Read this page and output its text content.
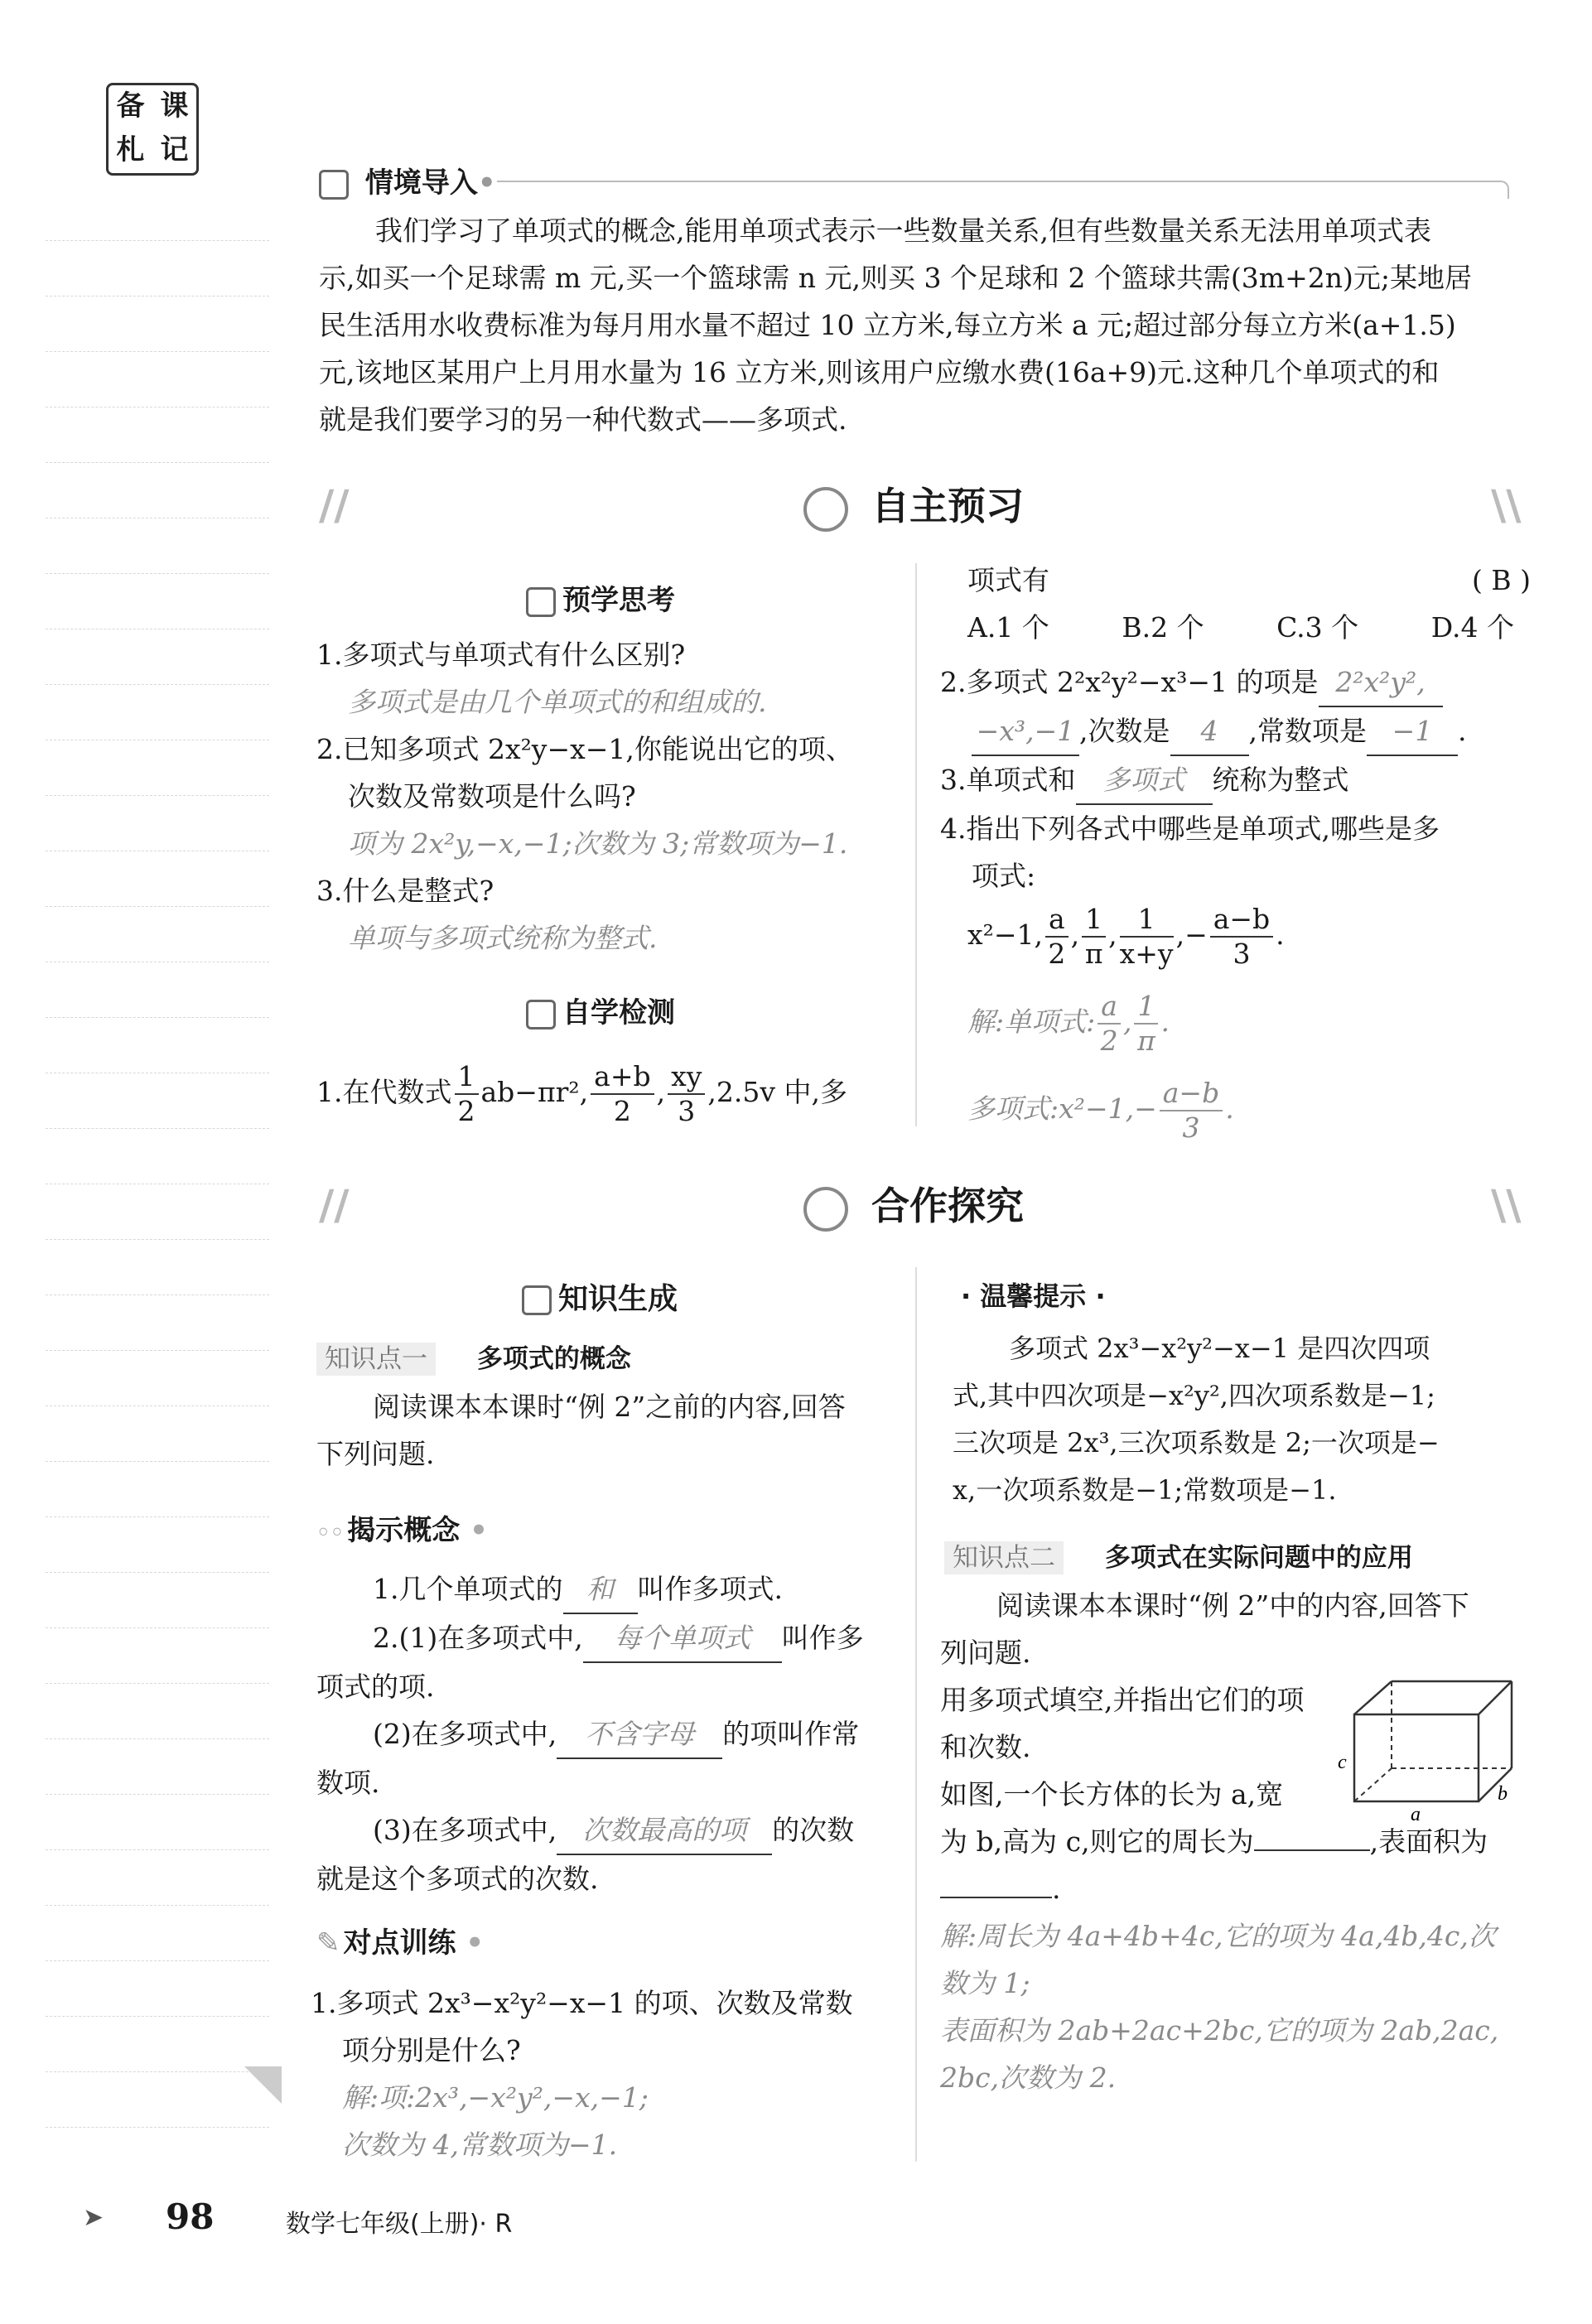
备 课
札 记
情境导入•
我们学习了单项式的概念,能用单项式表示一些数量关系,但有些数量关系无法用单项式表
示,如买一个足球需 m 元,买一个篮球需 n 元,则买 3 个足球和 2 个篮球共需(3m+2n)元;某地居
民生活用水收费标准为每月用水量不超过 10 立方米,每立方米 a 元;超过部分每立方米(a+1.5)
元,该地区某用户上月用水量为 16 立方米,则该用户应缴水费(16a+9)元.这种几个单项式的和
就是我们要学习的另一种代数式——多项式.
//	\\
自主预习
预学思考
1.多项式与单项式有什么区别?
多项式是由几个单项式的和组成的.
2.已知多项式 2x²y−x−1,你能说出它的项、
次数及常数项是什么吗?
项为 2x²y,−x,−1;次数为 3;常数项为−1.
3.什么是整式?
单项与多项式统称为整式.
自学检测
1.在代数式 $\frac{1}{2} ab-\pi r^2$, $\frac{a+b}{2}$ , $\frac{xy}{3} ,2.5v$ 中,多
项式有	( B )
A.1 个	B.2 个	C.3 个	D.4 个
2.多项式 2²x²y²−x³−1 的项是 2²x²y²,
−x³,−1 ,次数是 4 ,常数项是 −1 .
3.单项式和 多项式 统称为整式
4.指出下列各式中哪些是单项式,哪些是多
项式:
x²−1, $\frac{a}{2}$ , $\frac{1}{\pi}$ , $\frac{1}{x+y}$ ,− $\frac{a-b}{3}$ .
解:单项式: $\frac{a}{2}$ , $\frac{1}{\pi}$ .
多项式:x²−1,− $\frac{a-b}{3}$ .
//	\\
合作探究
知识生成
知识点一 多项式的概念
阅读课本本课时“例 2”之前的内容,回答
下列问题.
◦◦ 揭示概念 •
1.几个单项式的 和 叫作多项式.
2.(1)在多项式中, 每个单项式 叫作多
项式的项.
(2)在多项式中, 不含字母 的项叫作常
数项.
(3)在多项式中, 次数最高的项 的次数
就是这个多项式的次数.
✎ 对点训练 •
1.多项式 2x³−x²y²−x−1 的项、次数及常数
项分别是什么?
解:项:2x³,−x²y²,−x,−1;
次数为 4,常数项为−1.
· 温馨提示 ·
多项式 2x³−x²y²−x−1 是四次四项
式,其中四次项是−x²y²,四次项系数是−1;
三次项是 2x³,三次项系数是 2;一次项是−
x,一次项系数是−1;常数项是−1.
知识点二 多项式在实际问题中的应用
阅读课本本课时“例 2”中的内容,回答下
列问题.
用多项式填空,并指出它们的项
和次数.
如图,一个长方体的长为 a,宽
为 b,高为 c,则它的周长为	,表面积为
.
解:周长为 4a+4b+4c,它的项为 4a,4b,4c,次
数为 1;
表面积为 2ab+2ac+2bc,它的项为 2ab,2ac,
2bc,次数为 2.
c
a
b
➤ 98	数学七年级(上册)· R
